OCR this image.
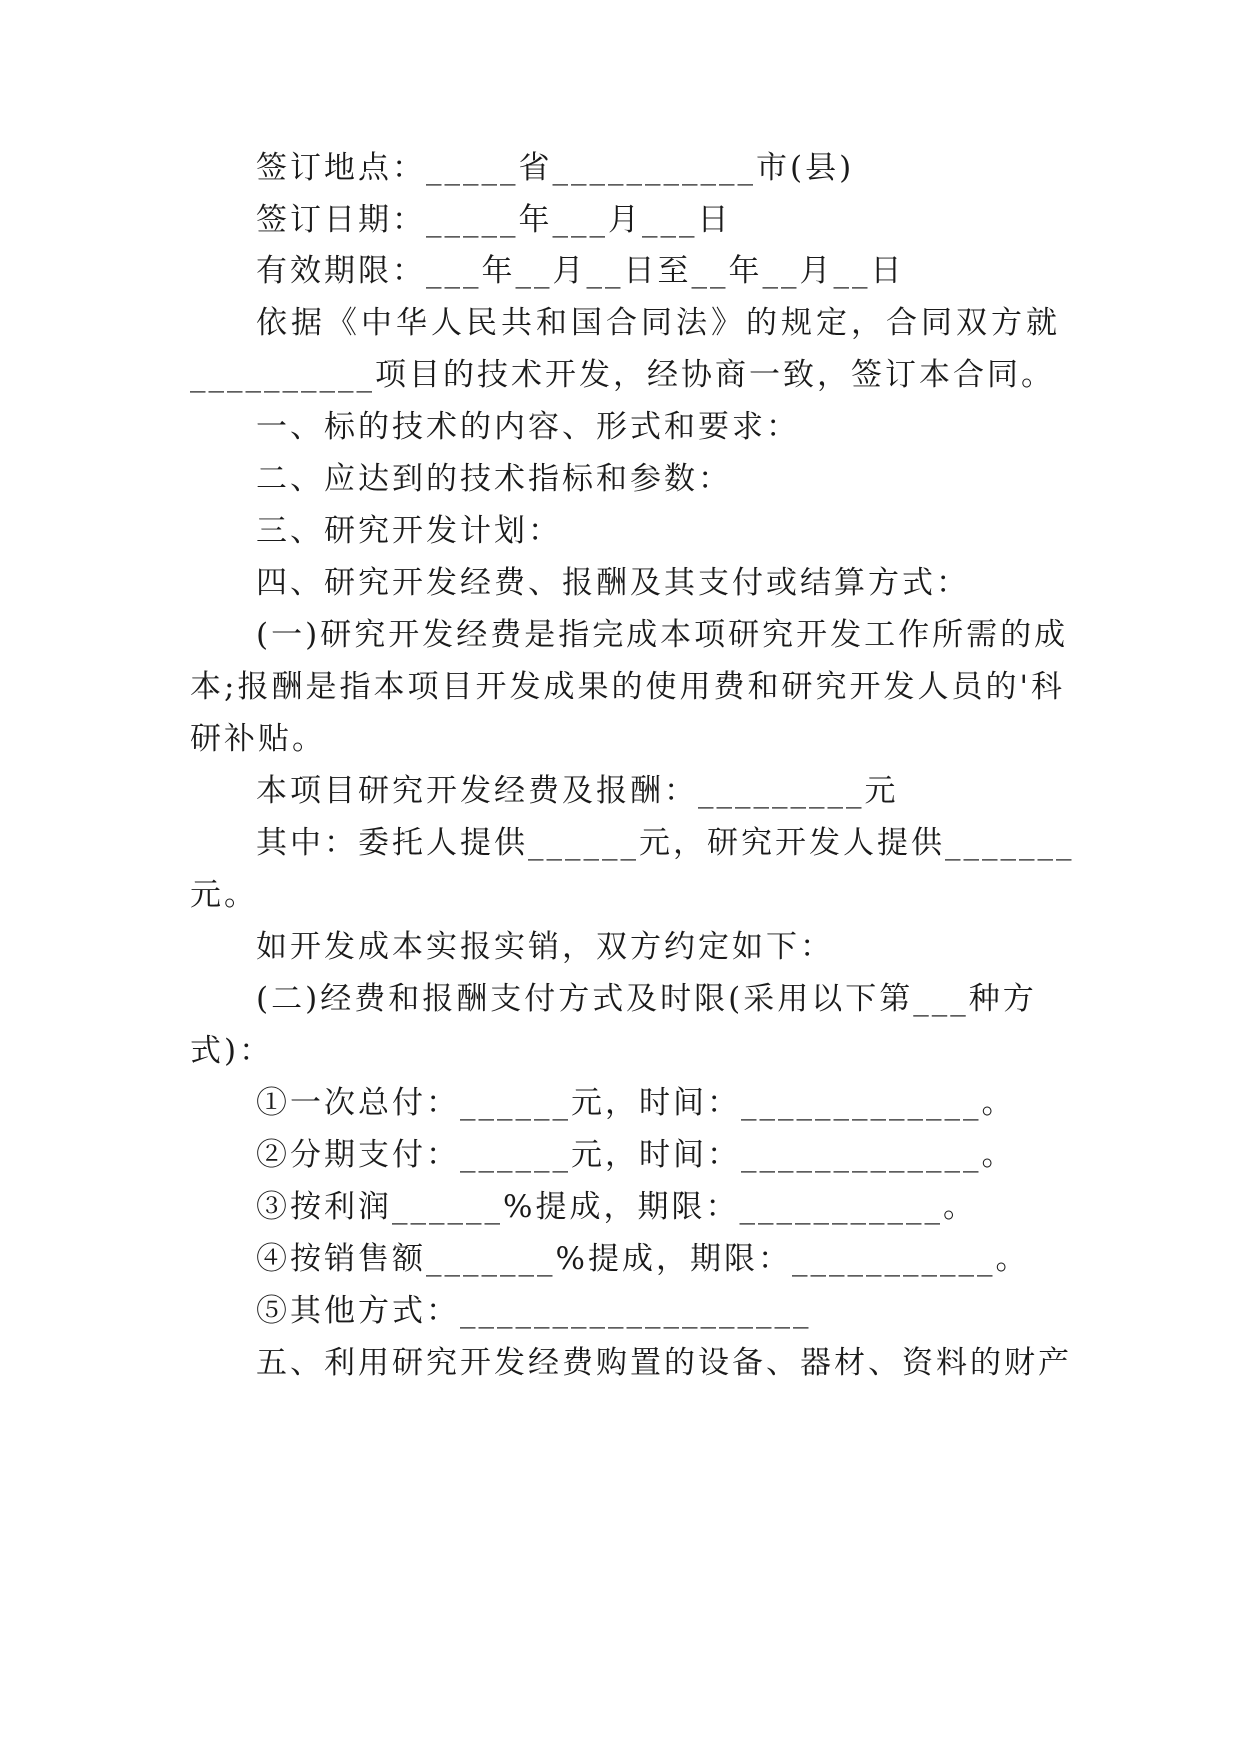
签订地点：_____省___________市(县)
签订日期：_____年___月___日
有效期限：___年__月__日至__年__月__日
依据《中华人民共和国合同法》的规定，合同双方就
__________项目的技术开发，经协商一致，签订本合同。
一、标的技术的内容、形式和要求：
二、应达到的技术指标和参数：
三、研究开发计划：
四、研究开发经费、报酬及其支付或结算方式：
(一)研究开发经费是指完成本项研究开发工作所需的成
本;报酬是指本项目开发成果的使用费和研究开发人员的'科
研补贴。
本项目研究开发经费及报酬：_________元
其中：委托人提供______元，研究开发人提供_______
元。
如开发成本实报实销，双方约定如下：
(二)经费和报酬支付方式及时限(采用以下第___种方
式)：
①一次总付：______元，时间：_____________。
②分期支付：______元，时间：_____________。
③按利润______%提成，期限：___________。
④按销售额_______%提成，期限：___________。
⑤其他方式：___________________
五、利用研究开发经费购置的设备、器材、资料的财产
